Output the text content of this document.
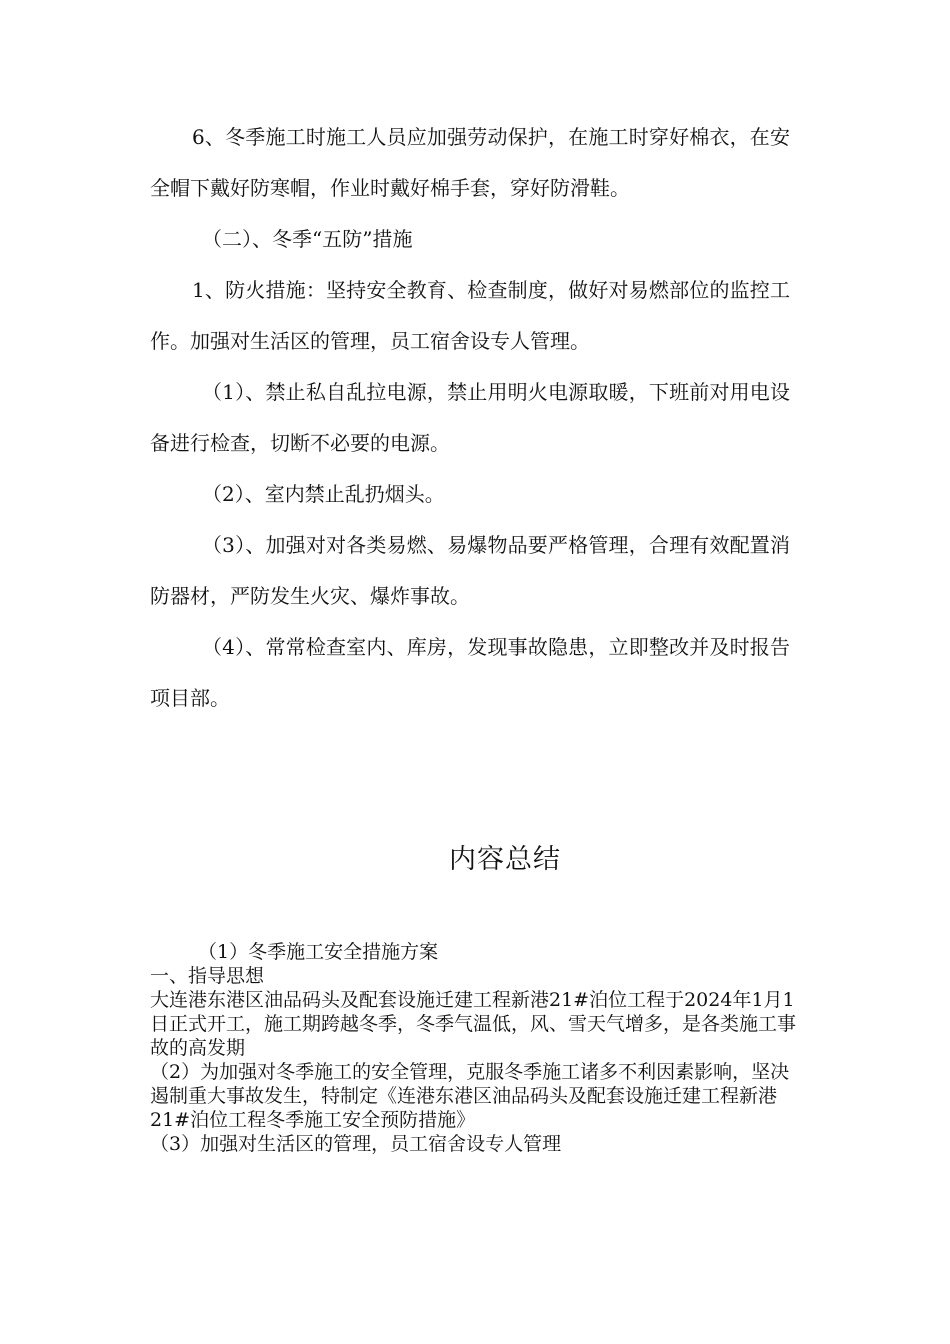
6、冬季施工时施工人员应加强劳动保护，在施工时穿好棉衣，在安全帽下戴好防寒帽，作业时戴好棉手套，穿好防滑鞋。

（二）、冬季“五防”措施

1、防火措施：坚持安全教育、检查制度，做好对易燃部位的监控工作。加强对生活区的管理，员工宿舍设专人管理。

（1）、禁止私自乱拉电源，禁止用明火电源取暖，下班前对用电设备进行检查，切断不必要的电源。

（2）、室内禁止乱扔烟头。

（3）、加强对对各类易燃、易爆物品要严格管理，合理有效配置消防器材，严防发生火灾、爆炸事故。

（4）、常常检查室内、库房，发现事故隐患，立即整改并及时报告项目部。

内容总结

（1）冬季施工安全措施方案

一、指导思想

大连港东港区油品码头及配套设施迁建工程新港21#泊位工程于2024年1月1日正式开工，施工期跨越冬季，冬季气温低，风、雪天气增多，是各类施工事故的高发期

（2）为加强对冬季施工的安全管理，克服冬季施工诸多不利因素影响，坚决遏制重大事故发生，特制定《连港东港区油品码头及配套设施迁建工程新港21#泊位工程冬季施工安全预防措施》

（3）加强对生活区的管理，员工宿舍设专人管理
